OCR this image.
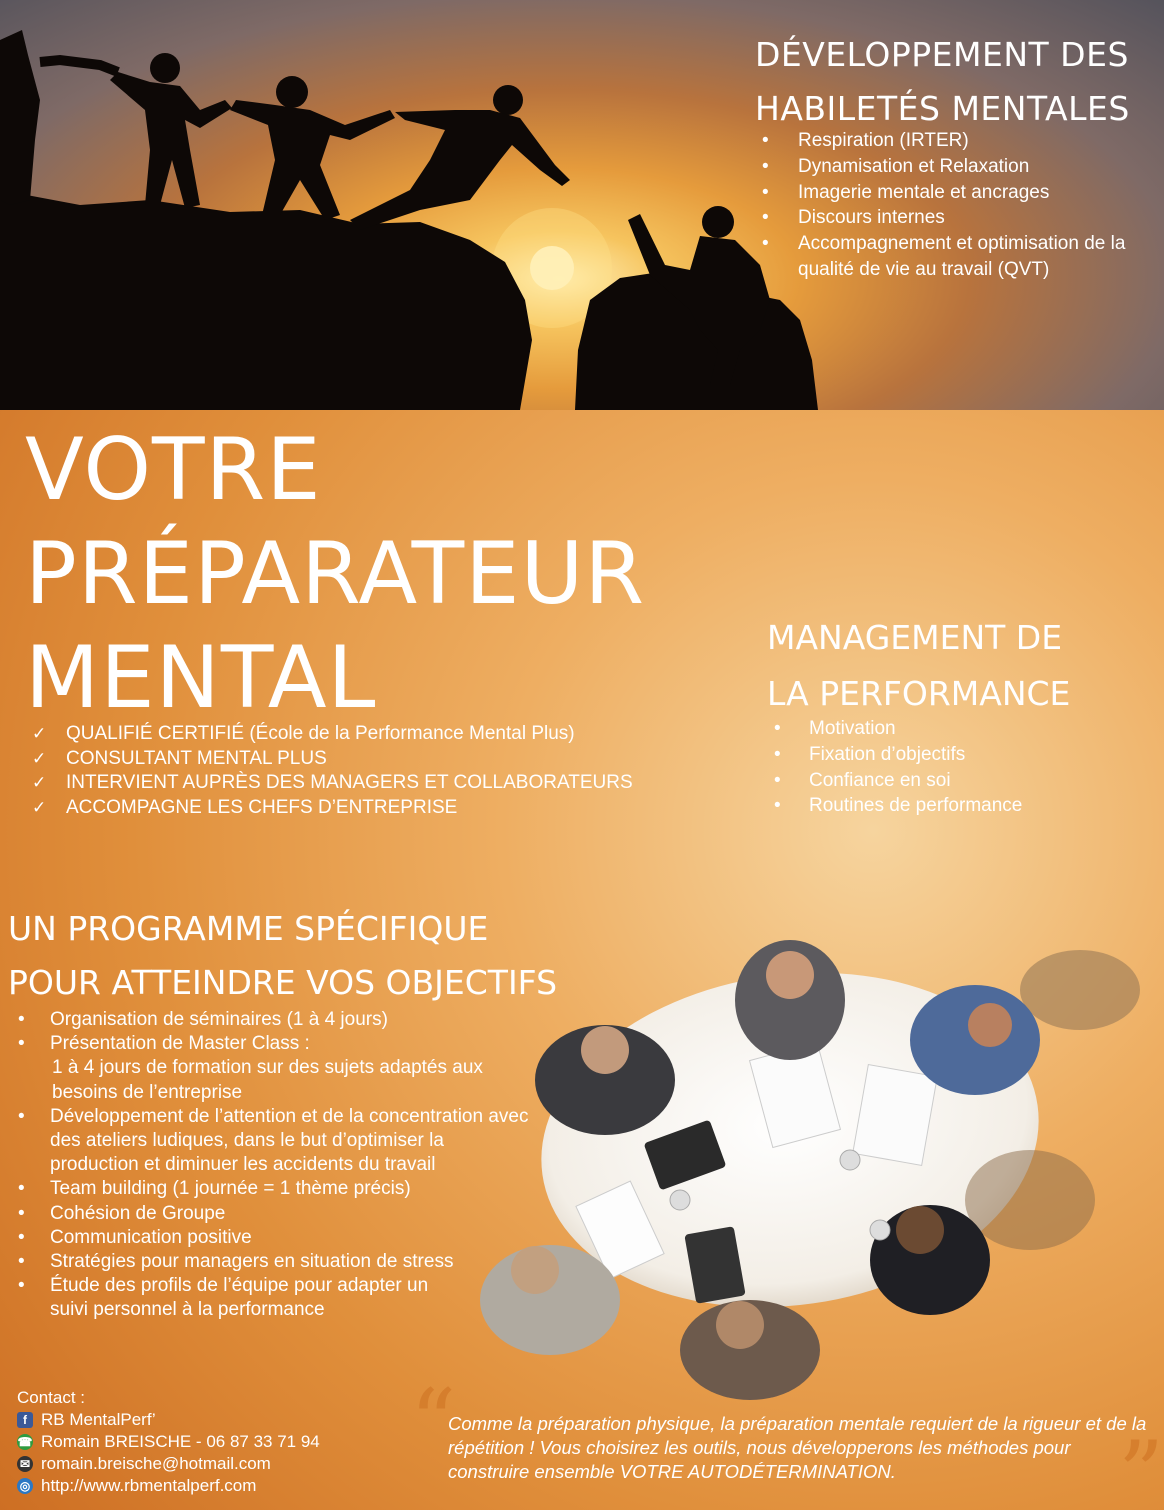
DÉVELOPPEMENT DES
HABILETÉS MENTALES
• Respiration (IRTER)
• Dynamisation et Relaxation
• Imagerie mentale et ancrages
• Discours internes
• Accompagnement et optimisation de la qualité de vie au travail (QVT)
VOTRE
PRÉPARATEUR
MENTAL
✓ QUALIFIÉ CERTIFIÉ (École de la Performance Mental Plus)
✓ CONSULTANT MENTAL PLUS
✓ INTERVIENT AUPRÈS DES MANAGERS ET COLLABORATEURS
✓ ACCOMPAGNE LES CHEFS D’ENTREPRISE
MANAGEMENT DE
LA PERFORMANCE
• Motivation
• Fixation d’objectifs
• Confiance en soi
• Routines de performance
UN PROGRAMME SPÉCIFIQUE
POUR ATTEINDRE VOS OBJECTIFS
• Organisation de séminaires (1 à 4 jours)
• Présentation de Master Class :
1 à 4 jours de formation sur des sujets adaptés aux besoins de l’entreprise
• Développement de l’attention et de la concentration avec des ateliers ludiques, dans le but d’optimiser la production et diminuer les accidents du travail
• Team building (1 journée = 1 thème précis)
• Cohésion de Groupe
• Communication positive
• Stratégies pour managers en situation de stress
• Étude des profils de l’équipe pour adapter un suivi personnel à la performance
Contact :
f RB MentalPerf’
☎ Romain BREISCHE - 06 87 33 71 94
✉ romain.breische@hotmail.com
◎ http://www.rbmentalperf.com
“
Comme la préparation physique, la préparation mentale requiert de la rigueur et de la répétition ! Vous choisirez les outils, nous développerons les méthodes pour construire ensemble VOTRE AUTODÉTERMINATION.	”
